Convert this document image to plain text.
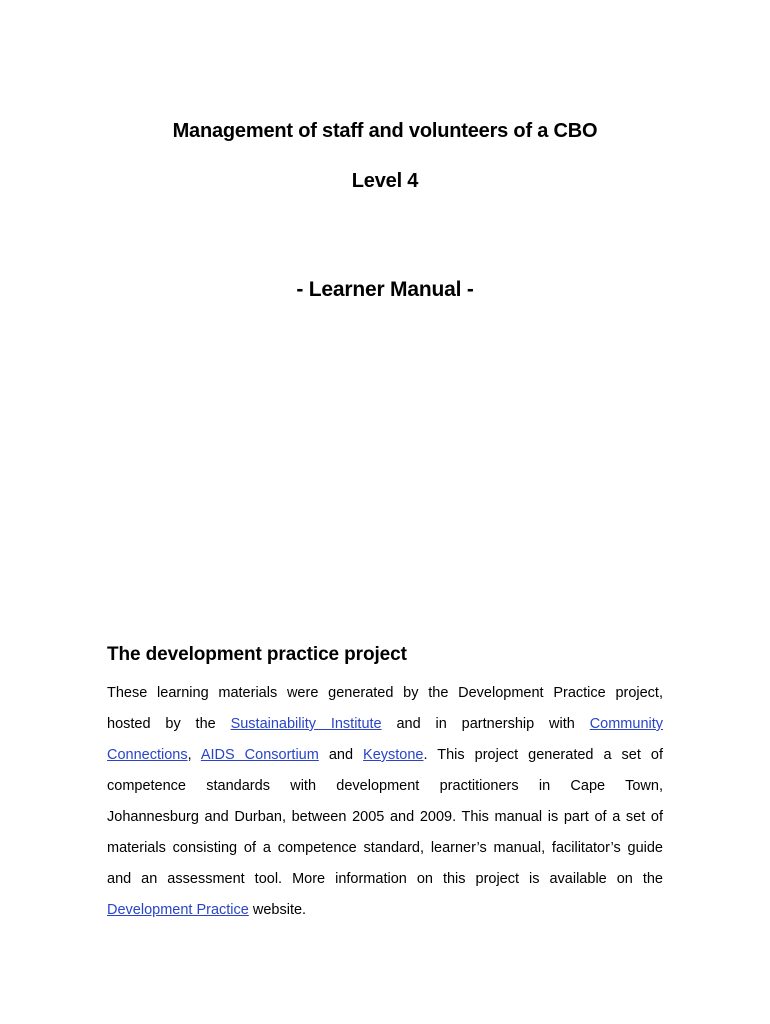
Management of staff and volunteers of a CBO
Level 4
- Learner Manual -
The development practice project
These learning materials were generated by the Development Practice project,
hosted by the Sustainability Institute and in partnership with Community
Connections, AIDS Consortium and Keystone. This project generated a set of
competence standards with development practitioners in Cape Town,
Johannesburg and Durban, between 2005 and 2009. This manual is part of a set of
materials consisting of a competence standard, learner’s manual, facilitator’s guide
and an assessment tool. More information on this project is available on the
Development Practice website.
